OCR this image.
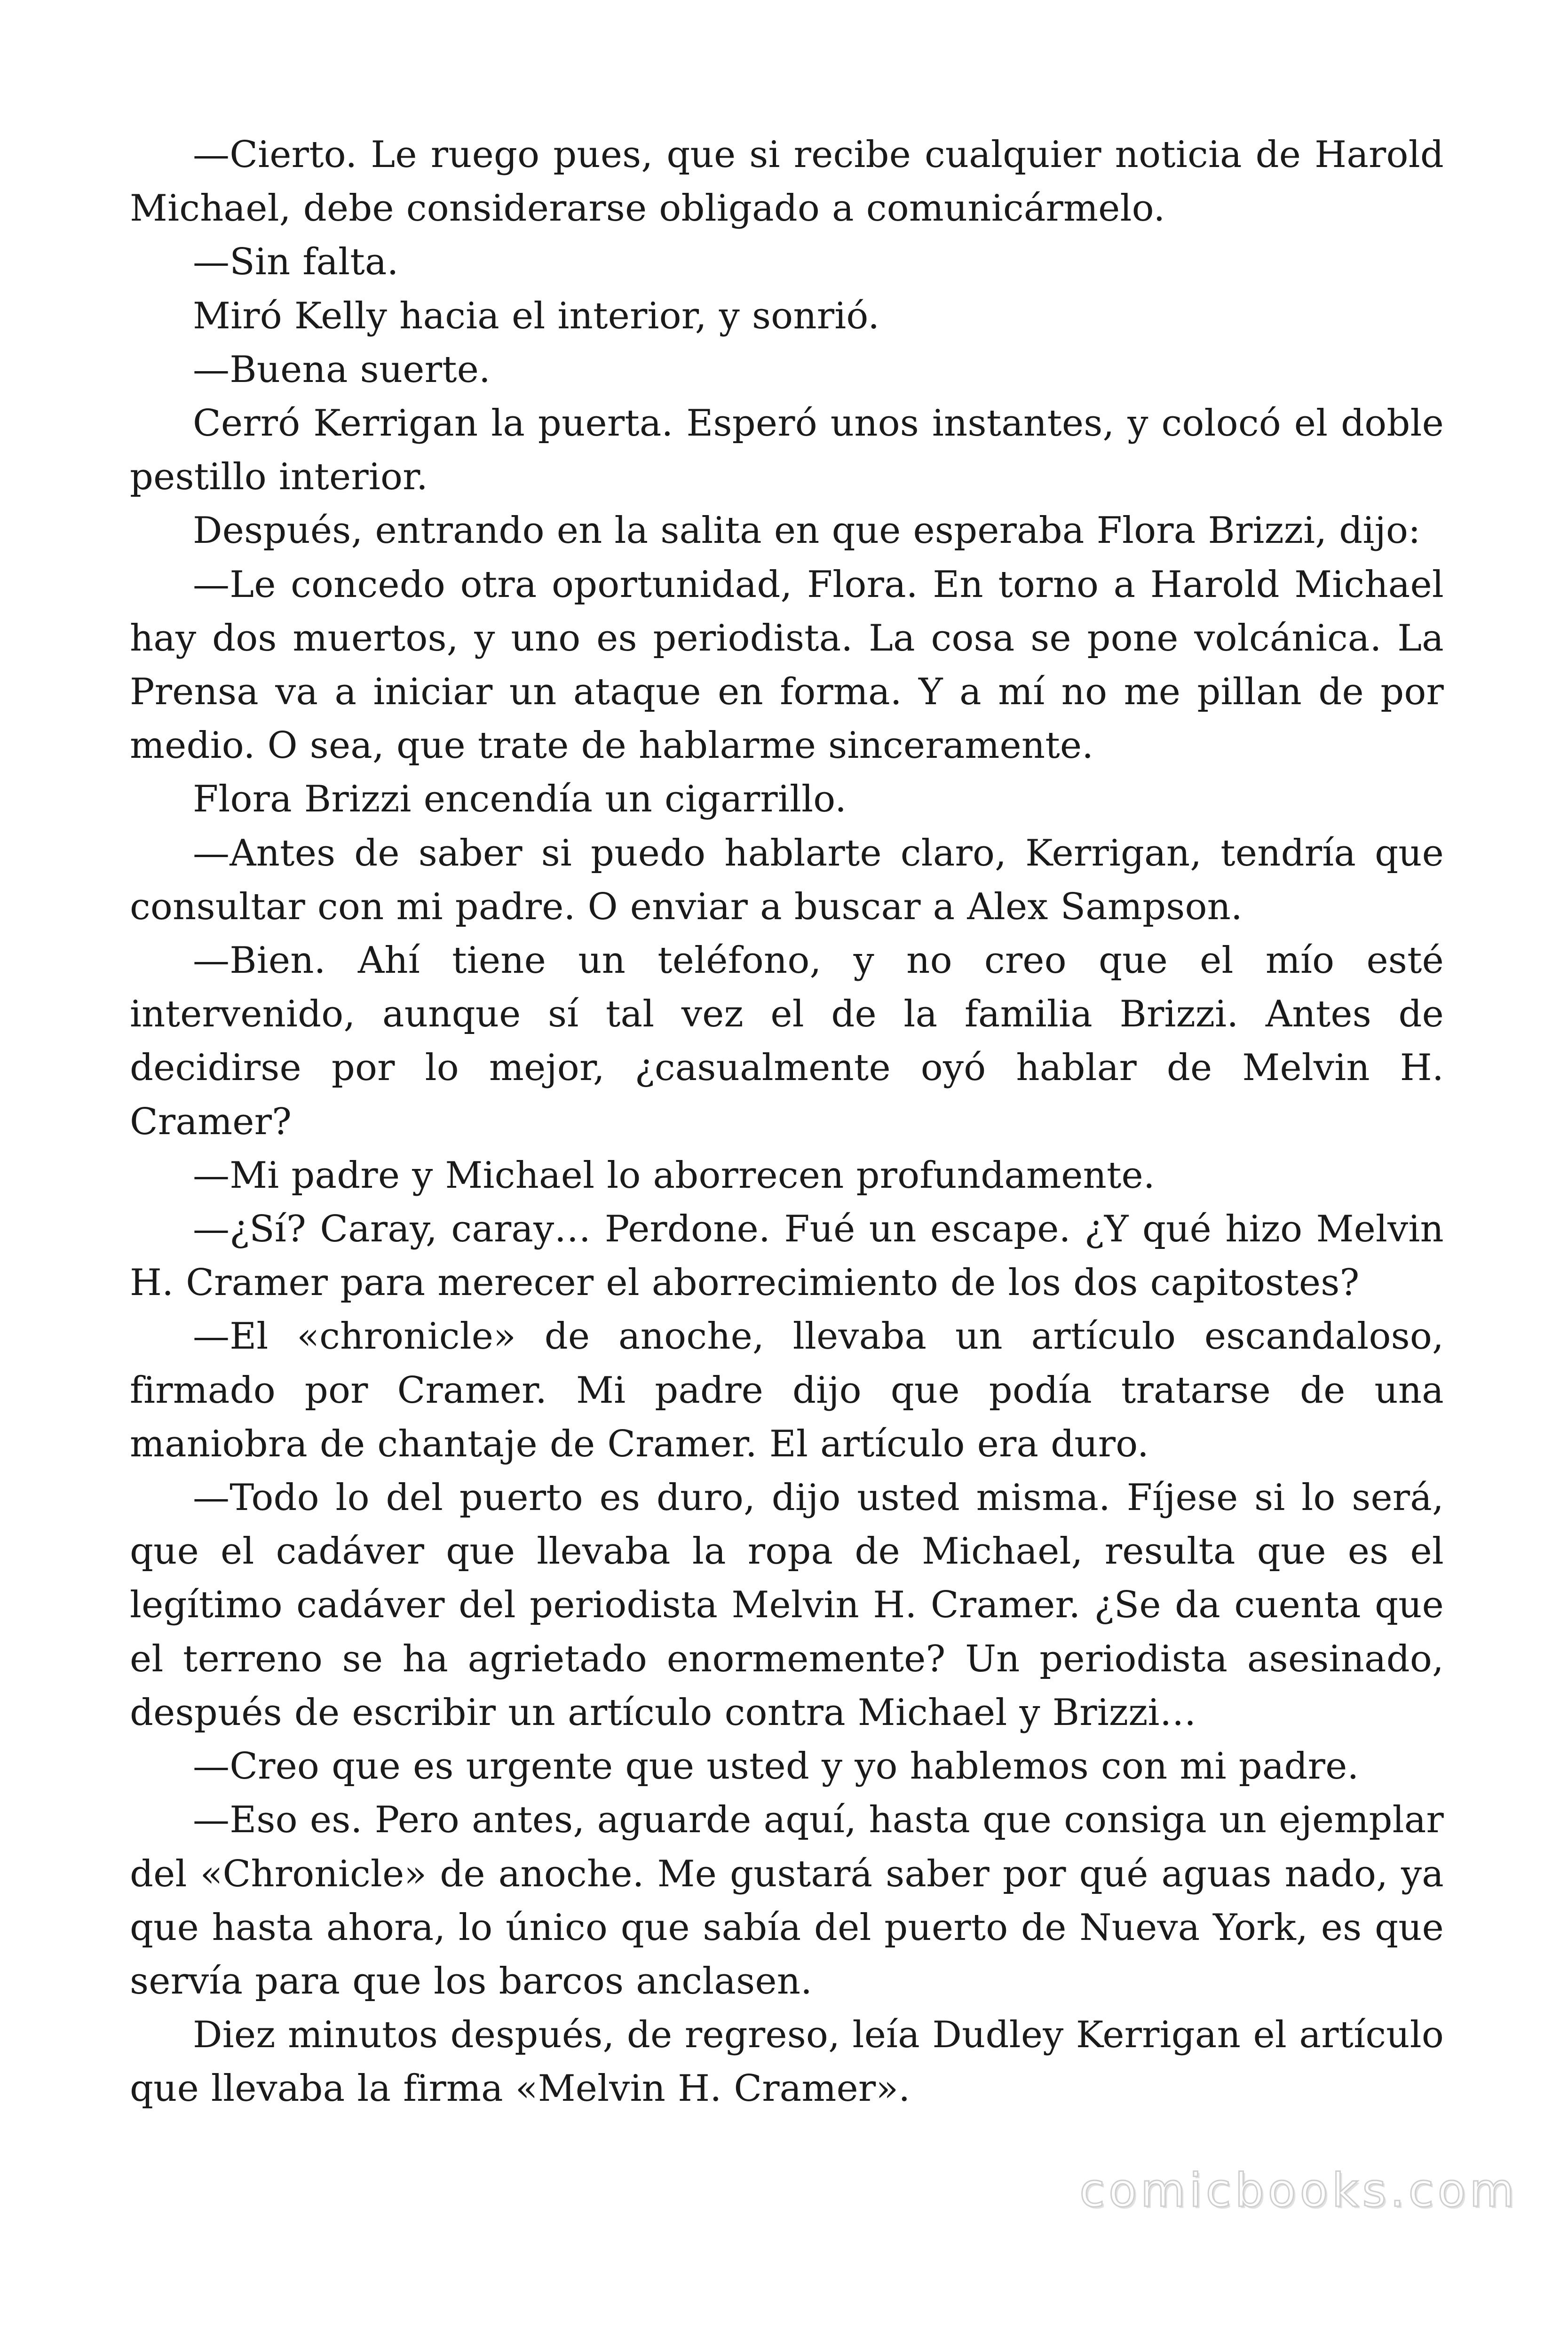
—Cierto. Le ruego pues, que si recibe cualquier noticia de Harold Michael, debe considerarse obligado a comunicármelo.

—Sin falta.

Miró Kelly hacia el interior, y sonrió.

—Buena suerte.

Cerró Kerrigan la puerta. Esperó unos instantes, y colocó el doble pestillo interior.

Después, entrando en la salita en que esperaba Flora Brizzi, dijo:

—Le concedo otra oportunidad, Flora. En torno a Harold Michael hay dos muertos, y uno es periodista. La cosa se pone volcánica. La Prensa va a iniciar un ataque en forma. Y a mí no me pillan de por medio. O sea, que trate de hablarme sinceramente.

Flora Brizzi encendía un cigarrillo.

—Antes de saber si puedo hablarte claro, Kerrigan, tendría que consultar con mi padre. O enviar a buscar a Alex Sampson.

—Bien. Ahí tiene un teléfono, y no creo que el mío esté intervenido, aunque sí tal vez el de la familia Brizzi. Antes de decidirse por lo mejor, ¿casualmente oyó hablar de Melvin H. Cramer?

—Mi padre y Michael lo aborrecen profundamente.

—¿Sí? Caray, caray… Perdone. Fué un escape. ¿Y qué hizo Melvin H. Cramer para merecer el aborrecimiento de los dos capitostes?

—El «chronicle» de anoche, llevaba un artículo escandaloso, firmado por Cramer. Mi padre dijo que podía tratarse de una maniobra de chantaje de Cramer. El artículo era duro.

—Todo lo del puerto es duro, dijo usted misma. Fíjese si lo será, que el cadáver que llevaba la ropa de Michael, resulta que es el legítimo cadáver del periodista Melvin H. Cramer. ¿Se da cuenta que el terreno se ha agrietado enormemente? Un periodista asesinado, después de escribir un artículo contra Michael y Brizzi…

—Creo que es urgente que usted y yo hablemos con mi padre.

—Eso es. Pero antes, aguarde aquí, hasta que consiga un ejemplar del «Chronicle» de anoche. Me gustará saber por qué aguas nado, ya que hasta ahora, lo único que sabía del puerto de Nueva York, es que servía para que los barcos anclasen.

Diez minutos después, de regreso, leía Dudley Kerrigan el artículo que llevaba la firma «Melvin H. Cramer».

comicbooks.com
